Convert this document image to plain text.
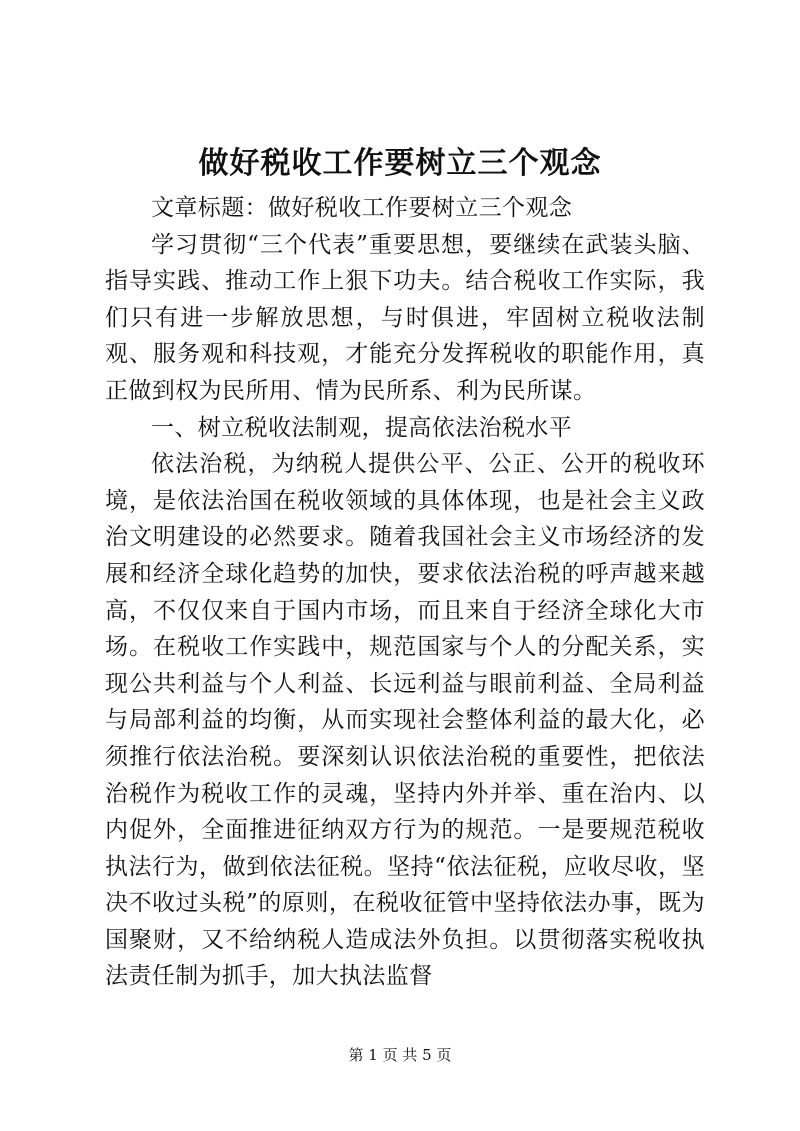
做好税收工作要树立三个观念

文章标题：做好税收工作要树立三个观念

学习贯彻“三个代表”重要思想，要继续在武装头脑、指导实践、推动工作上狠下功夫。结合税收工作实际，我们只有进一步解放思想，与时俱进，牢固树立税收法制观、服务观和科技观，才能充分发挥税收的职能作用，真正做到权为民所用、情为民所系、利为民所谋。

一、树立税收法制观，提高依法治税水平

依法治税，为纳税人提供公平、公正、公开的税收环境，是依法治国在税收领域的具体体现，也是社会主义政治文明建设的必然要求。随着我国社会主义市场经济的发展和经济全球化趋势的加快，要求依法治税的呼声越来越高，不仅仅来自于国内市场，而且来自于经济全球化大市场。在税收工作实践中，规范国家与个人的分配关系，实现公共利益与个人利益、长远利益与眼前利益、全局利益与局部利益的均衡，从而实现社会整体利益的最大化，必须推行依法治税。要深刻认识依法治税的重要性，把依法治税作为税收工作的灵魂，坚持内外并举、重在治内、以内促外，全面推进征纳双方行为的规范。一是要规范税收执法行为，做到依法征税。坚持“依法征税，应收尽收，坚决不收过头税”的原则，在税收征管中坚持依法办事，既为国聚财，又不给纳税人造成法外负担。以贯彻落实税收执法责任制为抓手，加大执法监督

第 1 页 共 5 页
